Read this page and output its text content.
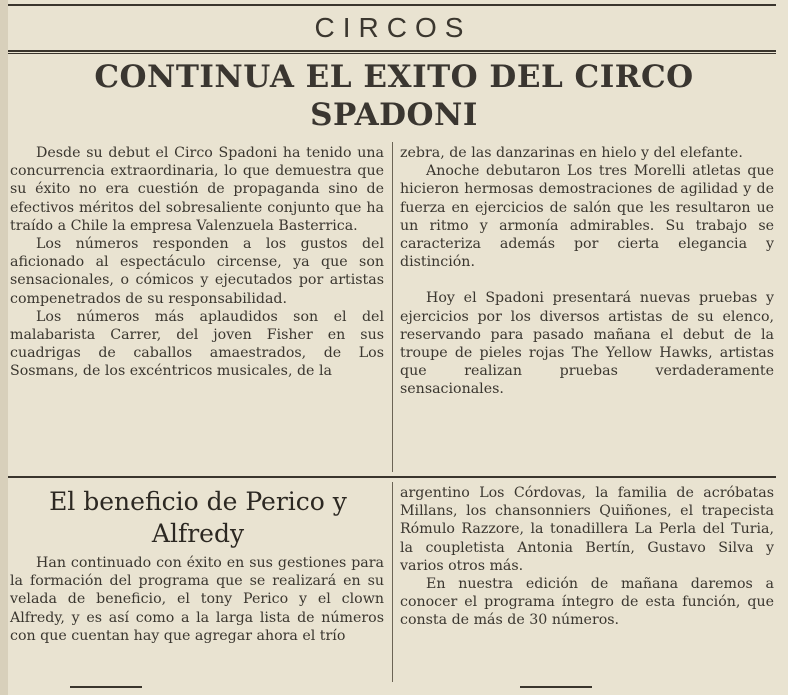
CIRCOS
CONTINUA EL EXITO DEL CIRCO SPADONI

Desde su debut el Circo Spadoni ha tenido una concurrencia extraordinaria, lo que demuestra que su éxito no era cuestión de propaganda sino de efectivos méritos del sobresaliente conjunto que ha traído a Chile la empresa Valenzuela Basterrica.

Los números responden a los gustos del aficionado al espectáculo circense, ya que son sensacionales, o cómicos y ejecutados por artistas compenetrados de su responsabilidad.

Los números más aplaudidos son el del malabarista Carrer, del joven Fisher en sus cuadrigas de caballos amaestrados, de Los Sosmans, de los excéntricos musicales, de la

zebra, de las danzarinas en hielo y del elefante.

Anoche debutaron Los tres Morelli atletas que hicieron hermosas demostraciones de agilidad y de fuerza en ejercicios de salón que les resultaron ue un ritmo y armonía admirables. Su trabajo se caracteriza además por cierta elegancia y distinción.

Hoy el Spadoni presentará nuevas pruebas y ejercicios por los diversos artistas de su elenco, reservando para pasado mañana el debut de la troupe de pieles rojas The Yellow Hawks, artistas que realizan pruebas verdaderamente sensacionales.

El beneficio de Perico y Alfredy

Han continuado con éxito en sus gestiones para la formación del programa que se realizará en su velada de beneficio, el tony Perico y el clown Alfredy, y es así como a la larga lista de números con que cuentan hay que agregar ahora el trío

argentino Los Córdovas, la familia de acróbatas Millans, los chansonniers Quiñones, el trapecista Rómulo Razzore, la tonadillera La Perla del Turia, la coupletista Antonia Bertín, Gustavo Silva y varios otros más.

En nuestra edición de mañana daremos a conocer el programa íntegro de esta función, que consta de más de 30 números.
